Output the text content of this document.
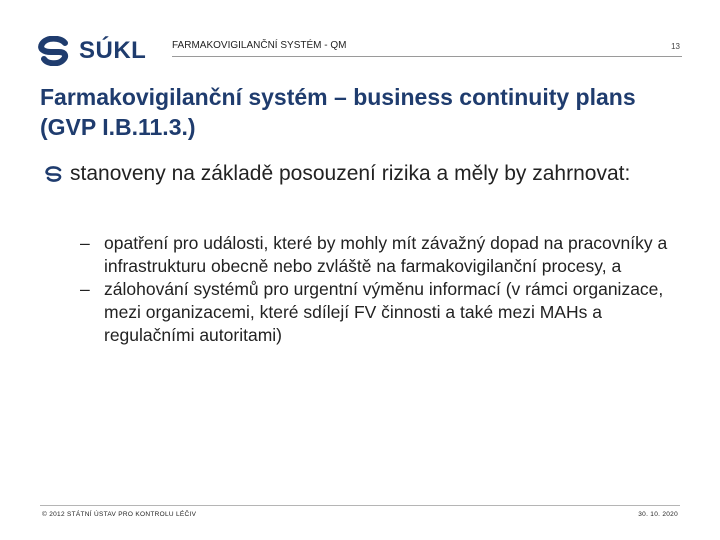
SÚKL	FARMAKOVIGILANČNÍ SYSTÉM - QM	13
Farmakovigilanční systém – business continuity plans (GVP I.B.11.3.)
stanoveny na základě posouzení rizika a měly by zahrnovat:
– opatření pro události, které by mohly mít závažný dopad na pracovníky a infrastrukturu obecně nebo zvláště na farmakovigilanční procesy, a
– zálohování systémů pro urgentní výměnu informací (v rámci organizace, mezi organizacemi, které sdílejí FV činnosti a také mezi MAHs a regulačními autoritami)
© 2012 STÁTNÍ ÚSTAV PRO KONTROLU LÉČIV	30. 10. 2020
